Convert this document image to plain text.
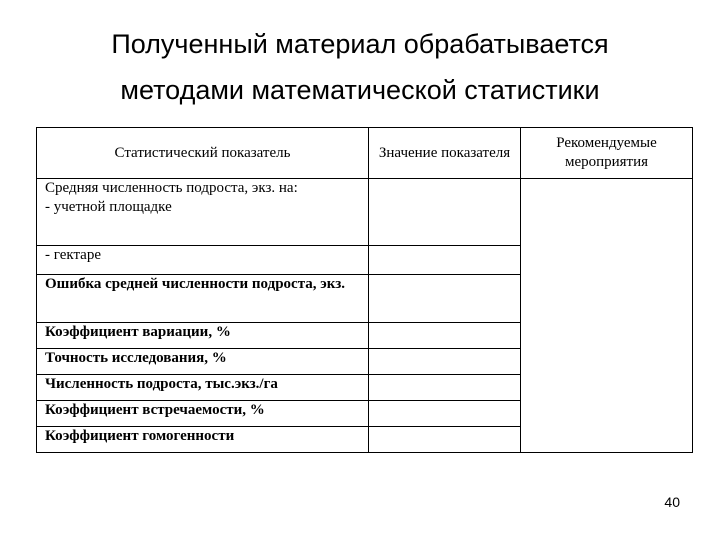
Полученный материал обрабатывается
методами математической статистики
Статистический показатель	Значение показателя	Рекомендуемые мероприятия
Средняя численность подроста, экз. на:
- учетной площадке		
- гектаре		
Ошибка средней численности подроста, экз.		
Коэффициент вариации, %		
Точность исследования, %		
Численность подроста, тыс.экз./га		
Коэффициент встречаемости, %		
Коэффициент гомогенности		
40
